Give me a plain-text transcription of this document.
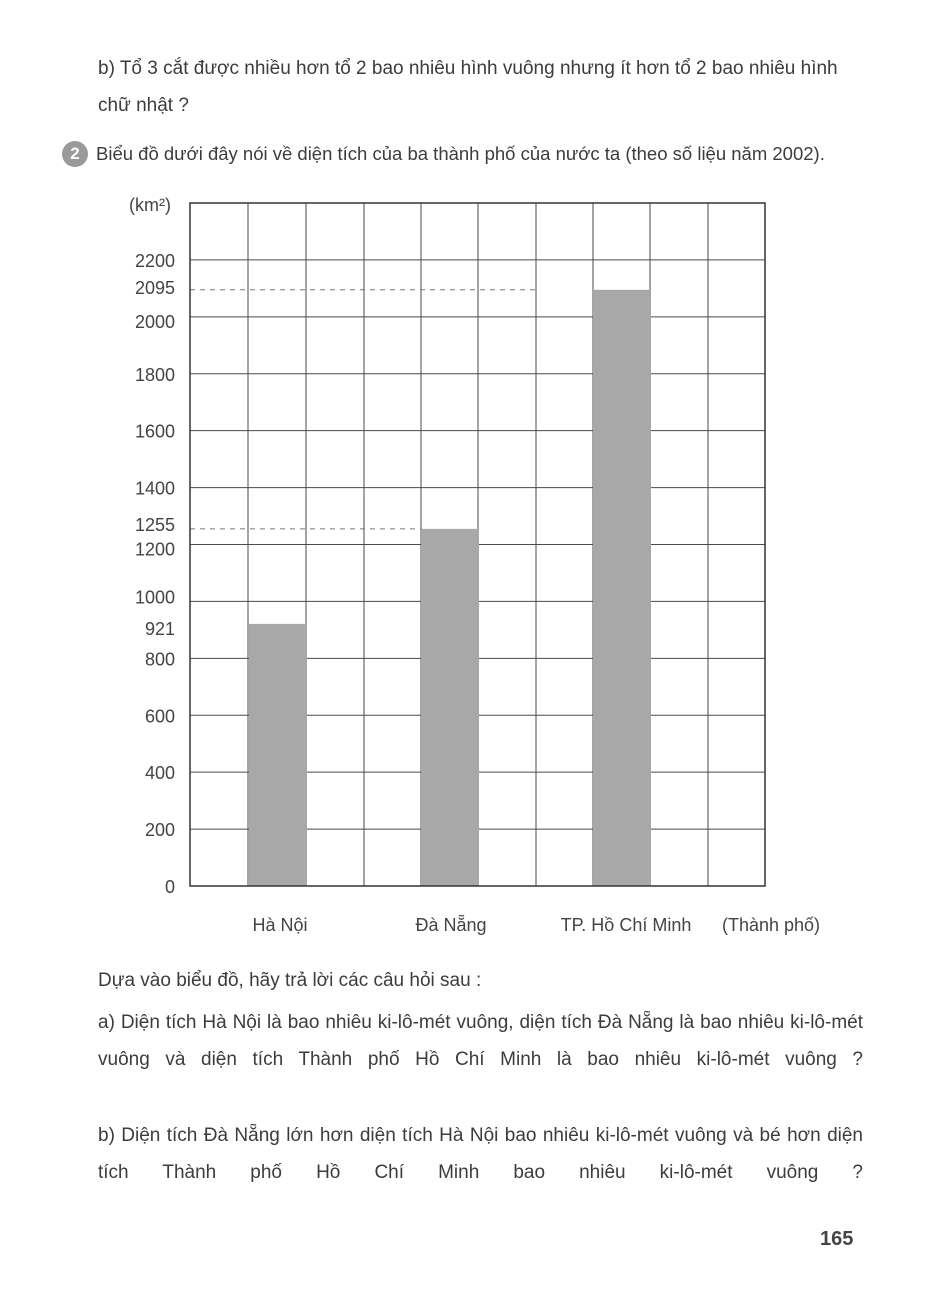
b) Tổ 3 cắt được nhiều hơn tổ 2 bao nhiêu hình vuông nhưng ít hơn tổ 2 bao nhiêu hình chữ nhật ?
2 Biểu đồ dưới đây nói về diện tích của ba thành phố của nước ta (theo số liệu năm 2002).
0
200
400
600
800
921
1000
1200
1255
1400
1600
1800
2000
2095
2200
Hà Nội	Đà Nẵng	TP. Hồ Chí Minh
(km²)
(Thành phố)
Dựa vào biểu đồ, hãy trả lời các câu hỏi sau :
a) Diện tích Hà Nội là bao nhiêu ki-lô-mét vuông, diện tích Đà Nẵng là bao nhiêu ki-lô-mét vuông và diện tích Thành phố Hồ Chí Minh là bao nhiêu ki-lô-mét vuông ?
b) Diện tích Đà Nẵng lớn hơn diện tích Hà Nội bao nhiêu ki-lô-mét vuông và bé hơn diện tích Thành phố Hồ Chí Minh bao nhiêu ki-lô-mét vuông ?
165
